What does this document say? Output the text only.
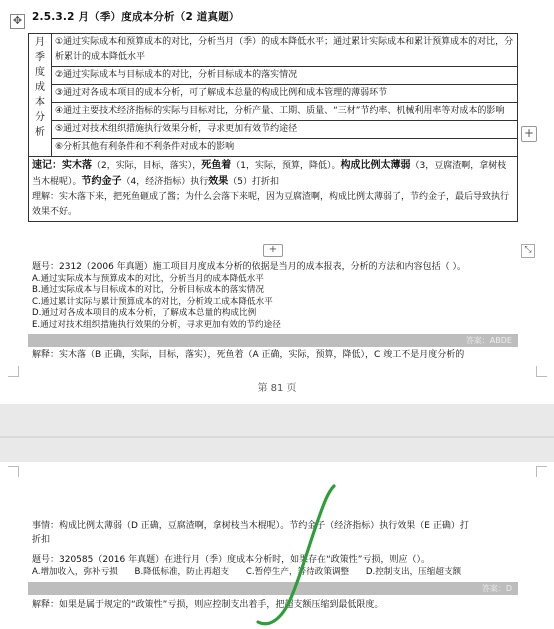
2.5.3.2 月（季）度成本分析（2 道真题）
✥
月
季
度
成
本
分
析
	①通过实际成本和预算成本的对比，分析当月（季）的成本降低水平；通过累计实际成本和累计预算成本的对比，分析累计的成本降低水平
②通过实际成本与目标成本的对比，分析目标成本的落实情况
③通过对各成本项目的成本分析，可了解成本总量的构成比例和成本管理的薄弱环节
④通过主要技术经济指标的实际与目标对比，分析产量、工期、质量、“三材”节约率、机械利用率等对成本的影响
⑤通过对技术组织措施执行效果分析，寻求更加有效节约途径
⑥分析其他有利条件和不利条件对成本的影响
速记：实木落（2，实际，目标，落实），死鱼着（1，实际，预算，降低）。构成比例太薄弱（3，豆腐渣啊，拿树枝当木棍呢）。节约金子（4，经济指标）执行效果（5）打折扣
理解：实木落下来，把死鱼砸成了酱；为什么会落下来呢，因为豆腐渣啊，构成比例太薄弱了，节约金子，最后导致执行效果不好。
+
+	⤡
题号：2312（2006 年真题）施工项目月度成本分析的依据是当月的成本报表，分析的方法和内容包括（ ）。
A.通过实际成本与预算成本的对比，分析当月的成本降低水平
B.通过实际成本与目标成本的对比，分析目标成本的落实情况
C.通过累计实际与累计预算成本的对比，分析竣工成本降低水平
D.通过对各成本项目的成本分析，了解成本总量的构成比例
E.通过对技术组织措施执行效果的分析，寻求更加有效的节约途径
答案：ABDE
解释：实木落（B 正确，实际，目标，落实），死鱼着（A 正确，实际，预算，降低），C 竣工不是月度分析的
第 81 页
事情：构成比例太薄弱（D 正确，豆腐渣啊，拿树枝当木棍呢）。节约金子（经济指标）执行效果（E 正确）打
折扣
题号：320585（2016 年真题）在进行月（季）度成本分析时，如果存在“政策性”亏损，则应（）。
A.增加收入，弥补亏损 B.降低标准，防止再超支 C.暂停生产，等待政策调整 D.控制支出，压缩超支额
答案：D
解释：如果是属于规定的“政策性”亏损，则应控制支出着手，把超支额压缩到最低限度。
